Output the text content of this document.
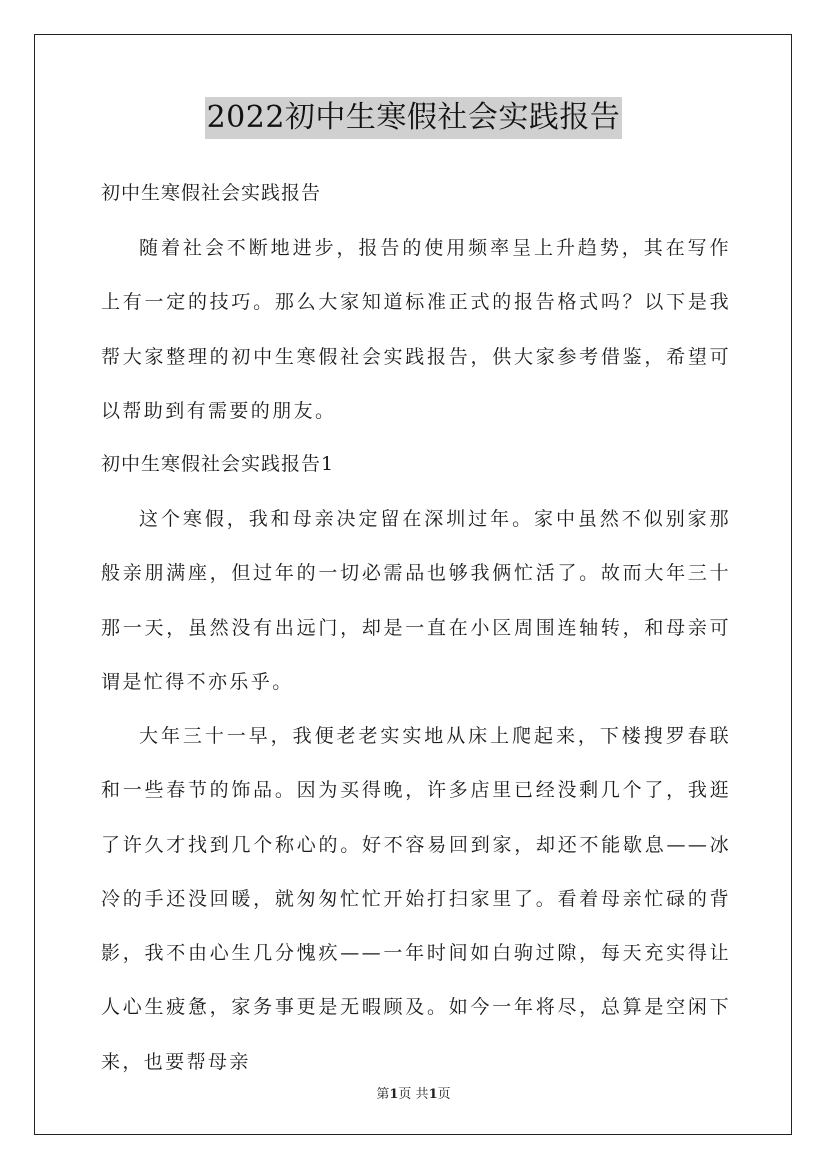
2022初中生寒假社会实践报告
初中生寒假社会实践报告

随着社会不断地进步，报告的使用频率呈上升趋势，其在写作上有一定的技巧。那么大家知道标准正式的报告格式吗？以下是我帮大家整理的初中生寒假社会实践报告，供大家参考借鉴，希望可以帮助到有需要的朋友。

初中生寒假社会实践报告1

这个寒假，我和母亲决定留在深圳过年。家中虽然不似别家那般亲朋满座，但过年的一切必需品也够我俩忙活了。故而大年三十那一天，虽然没有出远门，却是一直在小区周围连轴转，和母亲可谓是忙得不亦乐乎。

大年三十一早，我便老老实实地从床上爬起来，下楼搜罗春联和一些春节的饰品。因为买得晚，许多店里已经没剩几个了，我逛了许久才找到几个称心的。好不容易回到家，却还不能歇息——冰冷的手还没回暖，就匆匆忙忙开始打扫家里了。看着母亲忙碌的背影，我不由心生几分愧疚——一年时间如白驹过隙，每天充实得让人心生疲惫，家务事更是无暇顾及。如今一年将尽，总算是空闲下来，也要帮母亲

第1页 共1页
